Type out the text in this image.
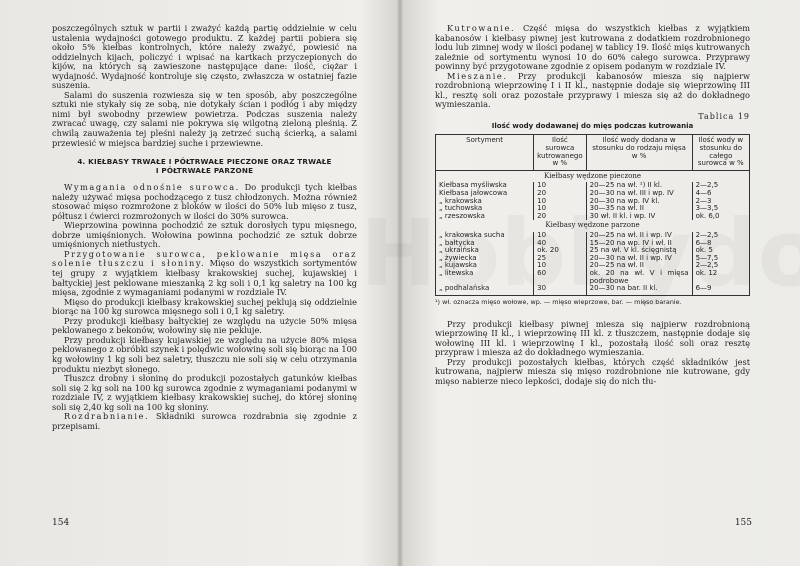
poszczególnych sztuk w partii i zważyć każdą partię oddzielnie w celu ustalenia wydajności gotowego produktu. Z każdej partii pobiera się około 5% kiełbas kontrolnych, które należy zważyć, powiesić na oddzielnych kijach, policzyć i wpisać na kartkach przyczepionych do kijów, na których są zawieszone następujące dane: ilość, ciężar i wydajność. Wydajność kontroluje się często, zwłaszcza w ostatniej fazie suszenia.

Salami do suszenia rozwiesza się w ten sposób, aby poszczególne sztuki nie stykały się ze sobą, nie dotykały ścian i podłóg i aby między nimi był swobodny przewiew powietrza. Podczas suszenia należy zwracać uwagę, czy salami nie pokrywa się wilgotną zieloną pleśnią. Z chwilą zauważenia tej pleśni należy ją zetrzeć suchą ścierką, a salami przewiesić w miejsca bardziej suche i przewiewne.

4. KIEŁBASY TRWAŁE I PÓŁTRWAŁE PIECZONE ORAZ TRWAŁE
I PÓŁTRWAŁE PARZONE

Wymagania odnośnie surowca. Do produkcji tych kiełbas należy używać mięsa pochodzącego z tusz chłodzonych. Można również stosować mięso rozmrożone z bloków w ilości do 50% lub mięso z tusz, półtusz i ćwierci rozmrożonych w ilości do 30% surowca.

Wieprzowina powinna pochodzić ze sztuk dorosłych typu mięsnego, dobrze umięśnionych. Wołowina powinna pochodzić ze sztuk dobrze umięśnionych nietłustych.

Przygotowanie surowca, peklowanie mięsa oraz solenie tłuszczu i słoniny. Mięso do wszystkich sortymentów tej grupy z wyjątkiem kiełbasy krakowskiej suchej, kujawskiej i bałtyckiej jest peklowane mieszanką 2 kg soli i 0,1 kg saletry na 100 kg mięsa, zgodnie z wymaganiami podanymi w rozdziale IV.

Mięso do produkcji kiełbasy krakowskiej suchej peklują się oddzielnie biorąc na 100 kg surowca mięsnego soli i 0,1 kg saletry.

Przy produkcji kiełbasy bałtyckiej ze względu na użycie 50% mięsa peklowanego z bekonów, wołowiny się nie pekluje.

Przy produkcji kiełbasy kujawskiej ze względu na użycie 80% mięsa peklowanego z obróbki szynek i polędwic wołowinę soli się biorąc na 100 kg wołowiny 1 kg soli bez saletry, tłuszczu nie soli się w celu otrzymania produktu niezbyt słonego.

Tłuszcz drobny i słoninę do produkcji pozostałych gatunków kiełbas soli się 2 kg soli na 100 kg surowca zgodnie z wymaganiami podanymi w rozdziale IV, z wyjątkiem kiełbasy krakowskiej suchej, do której słoninę soli się 2,40 kg soli na 100 kg słoniny.

Rozdrabnianie. Składniki surowca rozdrabnia się zgodnie z przepisami.

154

Kutrowanie. Część mięsa do wszystkich kiełbas z wyjątkiem kabanosów i kiełbasy piwnej jest kutrowana z dodatkiem rozdrobnionego lodu lub zimnej wody w ilości podanej w tablicy 19. Ilość mięs kutrowanych zależnie od sortymentu wynosi 10 do 60% całego surowca. Przyprawy powinny być przygotowane zgodnie z opisem podanym w rozdziale IV.

Mieszanie. Przy produkcji kabanosów miesza się najpierw rozdrobnioną wieprzowinę I i II kl., następnie dodaje się wieprzowinę III kl., resztę soli oraz pozostałe przyprawy i miesza się aż do dokładnego wymieszania.

Tablica 19
Ilość wody dodawanej do mięs podczas kutrowania
Sortyment	Ilość surowca kutrowanego w %	Ilość wody dodana w stosunku do rodzaju mięsa w %	Ilość wody w stosunku do całego surowca w %
Kiełbasy wędzone pieczone			
Kiełbasa myśliwska	10	20—25 na wł. ¹) II kl.	2—2,5
Kiełbasa jałowcowa	20	20—30 na wł. III i wp. IV	4—6
„ krakowska	10	20—30 na wp. IV kl.	2—3
„ tuchowska	10	30—35 na wł. II	3—3,5
„ rzeszowska	20	30 wł. II kl. i wp. IV	ok. 6,0
Kiełbasy wędzone parzone			
„ krakowska sucha	10	20—25 na wł. II i wp. IV	2—2,5
„ bałtycka	40	15—20 na wp. IV i wł. II	6—8
„ ukraińska	ok. 20	25 na wł. V kl. ścięgnistą	ok. 5
„ żywiecka	25	20—30 na wł. II i wp. IV	5—7,5
„ kujawska	10	20—25 na wł. II	2—2,5
„ litewska	60	ok. 20 na wł. V i mięsa podrobowe	ok. 12
„ podhalańska	30	20—30 na bar. II kl.	6—9
¹) wł. oznacza mięso wołowe, wp. — mięso wieprzowe, bar. — mięso baranie.

Przy produkcji kiełbasy piwnej miesza się najpierw rozdrobnioną wieprzowinę II kl., i wieprzowinę III kl. z tłuszczem, następnie dodaje się wołowinę III kl. i wieprzowinę I kl., pozostałą ilość soli oraz resztę przypraw i miesza aż do dokładnego wymieszania.

Przy produkcji pozostałych kiełbas, których część składników jest kutrowana, najpierw miesza się mięso rozdrobnione nie kutrowane, gdy mięso nabierze nieco lepkości, dodaje się do nich tłu-

155
